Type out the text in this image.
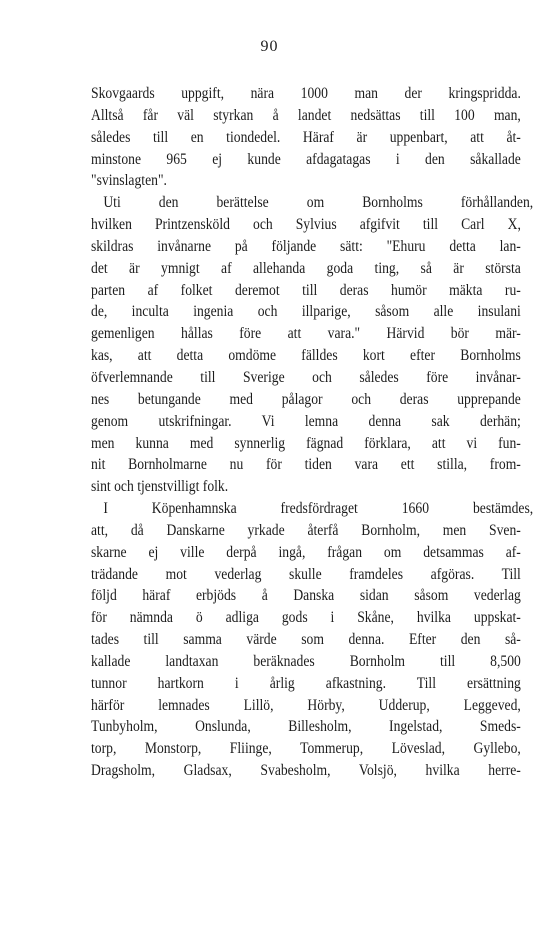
90
Skovgaards uppgift, nära 1000 man der kringspridda.
Alltså får väl styrkan å landet nedsättas till 100 man,
således till en tiondedel. Häraf är uppenbart, att åt-
minstone 965 ej kunde afdagatagas i den såkallade
"svinslagten".
Uti den berättelse om Bornholms förhållanden,
hvilken Printzensköld och Sylvius afgifvit till Carl X,
skildras invånarne på följande sätt: "Ehuru detta lan-
det är ymnigt af allehanda goda ting, så är största
parten af folket deremot till deras humör mäkta ru-
de, inculta ingenia och illparige, såsom alle insulani
gemenligen hållas före att vara." Härvid bör mär-
kas, att detta omdöme fälldes kort efter Bornholms
öfverlemnande till Sverige och således före invånar-
nes betungande med pålagor och deras upprepande
genom utskrifningar. Vi lemna denna sak derhän;
men kunna med synnerlig fägnad förklara, att vi fun-
nit Bornholmarne nu för tiden vara ett stilla, from-
sint och tjenstvilligt folk.
I Köpenhamnska fredsfördraget 1660 bestämdes,
att, då Danskarne yrkade återfå Bornholm, men Sven-
skarne ej ville derpå ingå, frågan om detsammas af-
trädande mot vederlag skulle framdeles afgöras. Till
följd häraf erbjöds å Danska sidan såsom vederlag
för nämnda ö adliga gods i Skåne, hvilka uppskat-
tades till samma värde som denna. Efter den så-
kallade landtaxan beräknades Bornholm till 8,500
tunnor hartkorn i årlig afkastning. Till ersättning
härför lemnades Lillö, Hörby, Udderup, Leggeved,
Tunbyholm, Onslunda, Billesholm, Ingelstad, Smeds-
torp, Monstorp, Fliinge, Tommerup, Löveslad, Gyllebo,
Dragsholm, Gladsax, Svabesholm, Volsjö, hvilka herre-
